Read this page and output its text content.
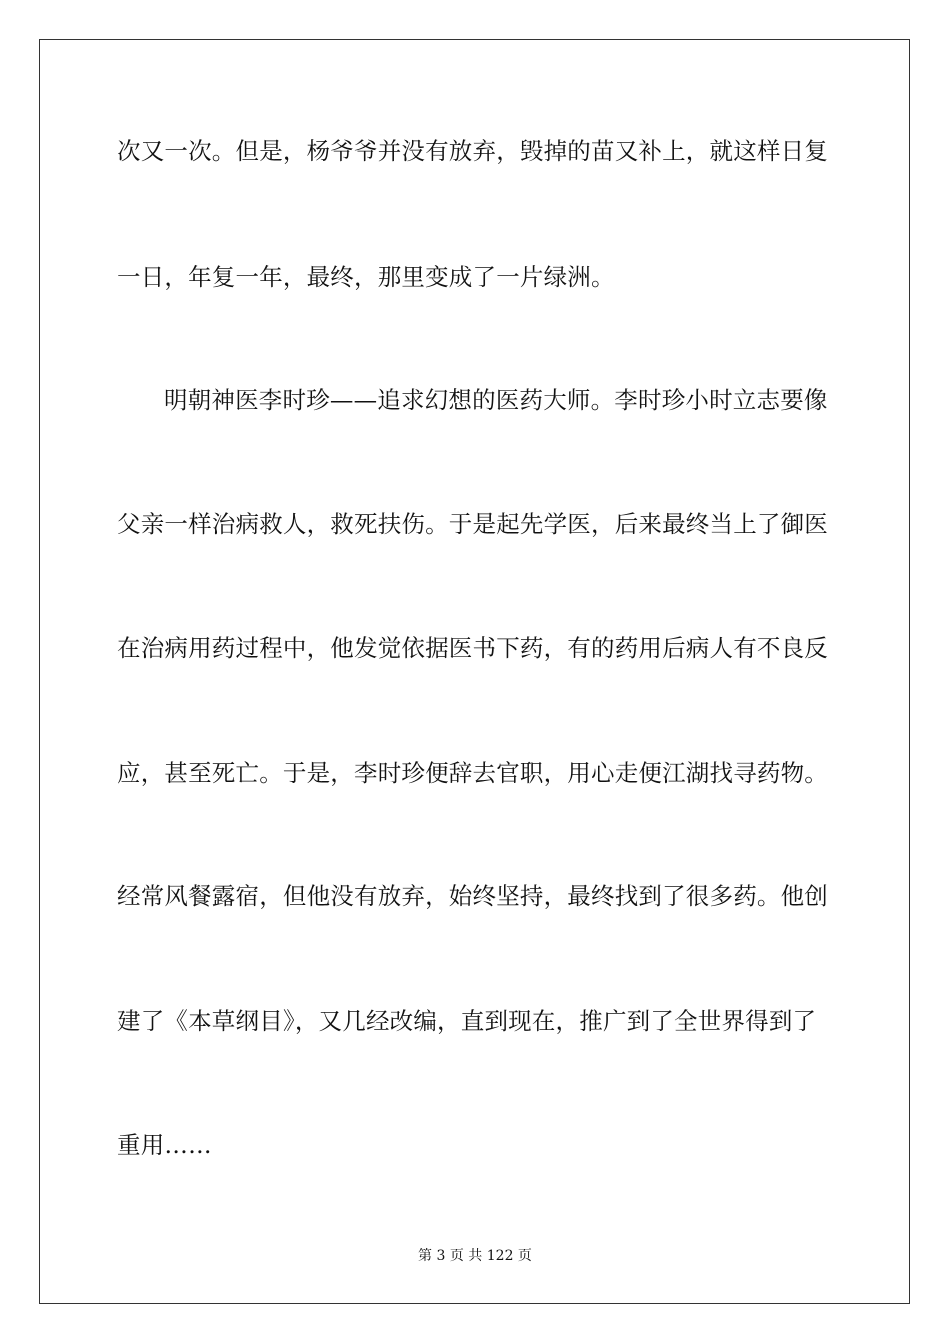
次又一次。但是，杨爷爷并没有放弃，毁掉的苗又补上，就这样日复
一日，年复一年，最终，那里变成了一片绿洲。
明朝神医李时珍——追求幻想的医药大师。李时珍小时立志要像
父亲一样治病救人，救死扶伤。于是起先学医，后来最终当上了御医
在治病用药过程中，他发觉依据医书下药，有的药用后病人有不良反
应，甚至死亡。于是，李时珍便辞去官职，用心走便江湖找寻药物。
经常风餐露宿，但他没有放弃，始终坚持，最终找到了很多药。他创
建了《本草纲目》，又几经改编，直到现在，推广到了全世界得到了
重用……
第 3 页 共 122 页
